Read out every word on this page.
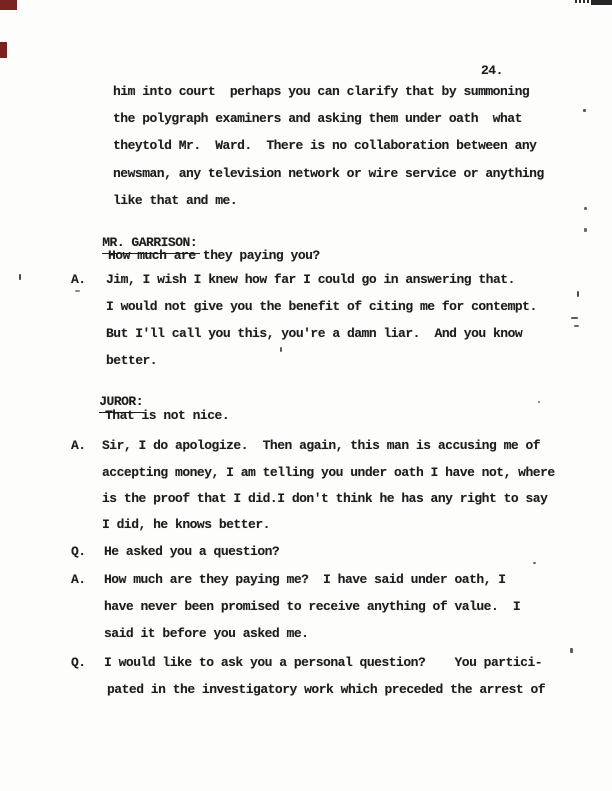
24.
him into court  perhaps you can clarify that by summoning
the polygraph examiners and asking them under oath  what
theytold Mr.  Ward.  There is no collaboration between any
newsman, any television network or wire service or anything
like that and me.

MR. GARRISON:

How much are they paying you?
A. Jim, I wish I knew how far I could go in answering that.
I would not give you the benefit of citing me for contempt.
But I'll call you this, you're a damn liar.  And you know
better.

JUROR:

That is not nice.
A. Sir, I do apologize.  Then again, this man is accusing me of
accepting money, I am telling you under oath I have not, where
is the proof that I did.I don't think he has any right to say
I did, he knows better.
Q. He asked you a question?
A. How much are they paying me?  I have said under oath, I
have never been promised to receive anything of value.  I
said it before you asked me.
Q. I would like to ask you a personal question?    You partici-
pated in the investigatory work which preceded the arrest of
